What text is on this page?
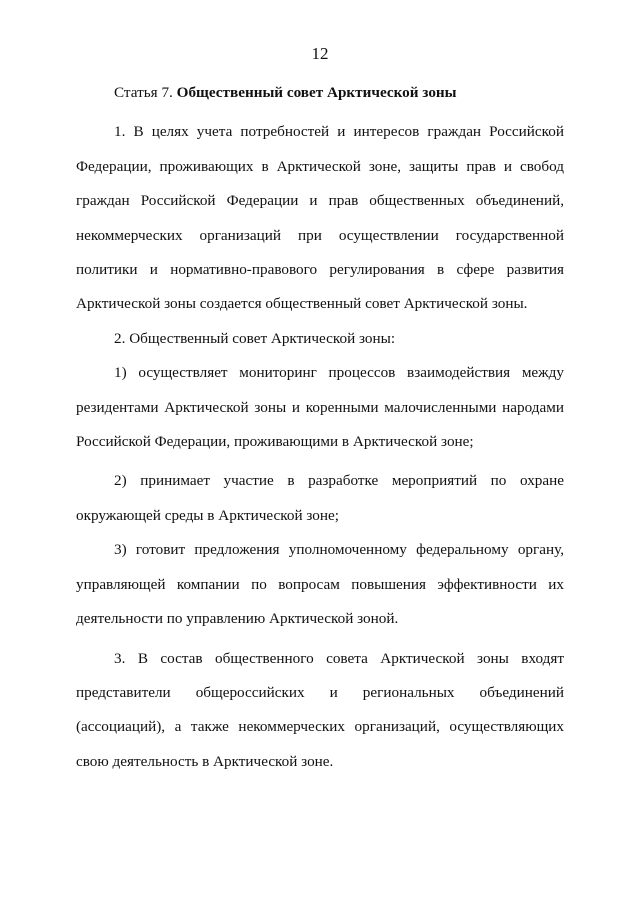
12

Статья 7. Общественный совет Арктической зоны

1. В целях учета потребностей и интересов граждан Российской Федерации, проживающих в Арктической зоне, защиты прав и свобод граждан Российской Федерации и прав общественных объединений, некоммерческих организаций при осуществлении государственной политики и нормативно-правового регулирования в сфере развития Арктической зоны создается общественный совет Арктической зоны.

2. Общественный совет Арктической зоны:

1) осуществляет мониторинг процессов взаимодействия между резидентами Арктической зоны и коренными малочисленными народами Российской Федерации, проживающими в Арктической зоне;

2) принимает участие в разработке мероприятий по охране окружающей среды в Арктической зоне;

3) готовит предложения уполномоченному федеральному органу, управляющей компании по вопросам повышения эффективности их деятельности по управлению Арктической зоной.

3. В состав общественного совета Арктической зоны входят представители общероссийских и региональных объединений (ассоциаций), а также некоммерческих организаций, осуществляющих свою деятельность в Арктической зоне.
